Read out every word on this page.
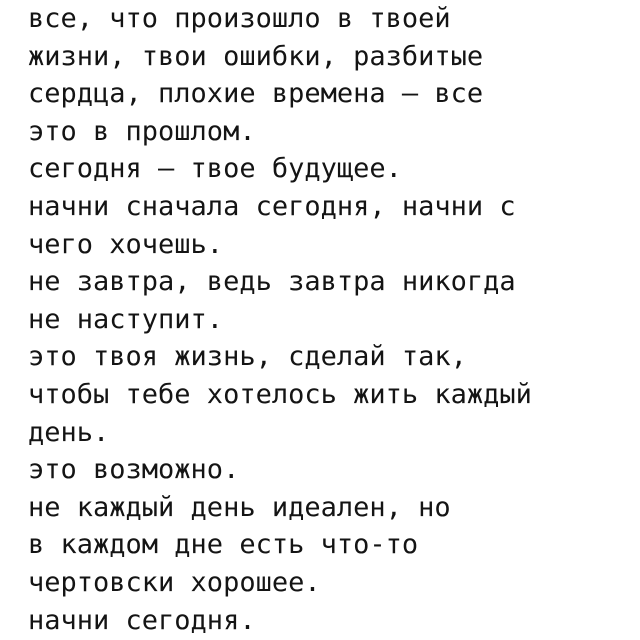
все, что произошло в твоей
жизни, твои ошибки, разбитые
сердца, плохие времена — все
это в прошлом.
сегодня — твое будущее.
начни сначала сегодня, начни с
чего хочешь.
не завтра, ведь завтра никогда
не наступит.
это твоя жизнь, сделай так,
чтобы тебе хотелось жить каждый
день.
это возможно.
не каждый день идеален, но
в каждом дне есть что-то
чертовски хорошее.
начни сегодня.
